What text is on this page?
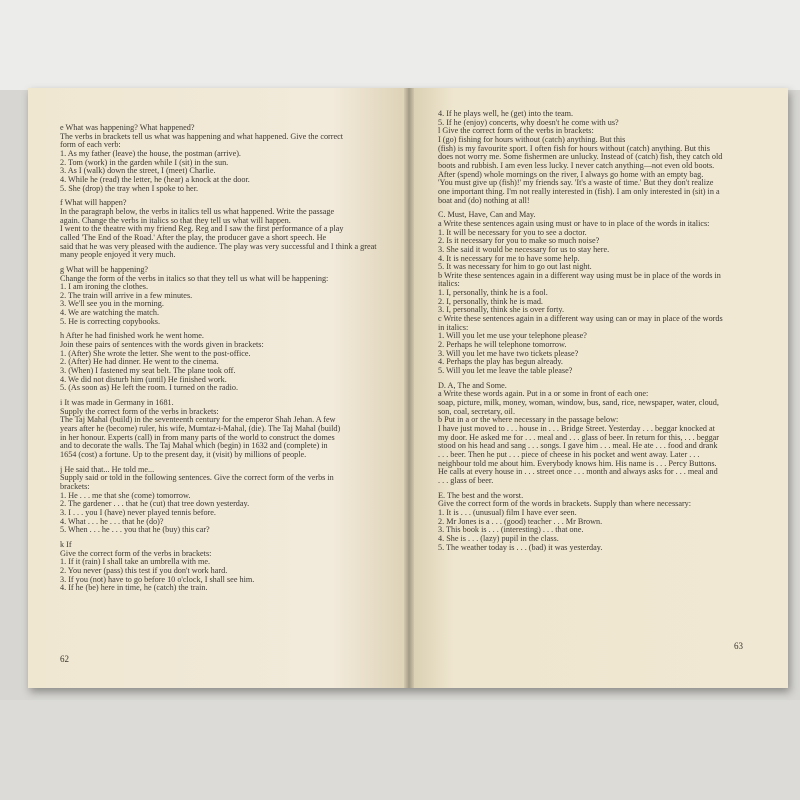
e What was happening? What happened?
The verbs in brackets tell us what was happening and what happened. Give the correct
form of each verb:
1. As my father (leave) the house, the postman (arrive).
2. Tom (work) in the garden while I (sit) in the sun.
3. As I (walk) down the street, I (meet) Charlie.
4. While he (read) the letter, he (hear) a knock at the door.
5. She (drop) the tray when I spoke to her.
f What will happen?
In the paragraph below, the verbs in italics tell us what happened. Write the passage
again. Change the verbs in italics so that they tell us what will happen.
I went to the theatre with my friend Reg. Reg and I saw the first performance of a play
called 'The End of the Road.' After the play, the producer gave a short speech. He
said that he was very pleased with the audience. The play was very successful and I think a great
many people enjoyed it very much.
g What will be happening?
Change the form of the verbs in italics so that they tell us what will be happening:
1. I am ironing the clothes.
2. The train will arrive in a few minutes.
3. We'll see you in the morning.
4. We are watching the match.
5. He is correcting copybooks.
h After he had finished work he went home.
Join these pairs of sentences with the words given in brackets:
1. (After) She wrote the letter. She went to the post-office.
2. (After) He had dinner. He went to the cinema.
3. (When) I fastened my seat belt. The plane took off.
4. We did not disturb him (until) He finished work.
5. (As soon as) He left the room. I turned on the radio.
i It was made in Germany in 1681.
Supply the correct form of the verbs in brackets:
The Taj Mahal (build) in the seventeenth century for the emperor Shah Jehan. A few
years after he (become) ruler, his wife, Mumtaz-i-Mahal, (die). The Taj Mahal (build)
in her honour. Experts (call) in from many parts of the world to construct the domes
and to decorate the walls. The Taj Mahal which (begin) in 1632 and (complete) in
1654 (cost) a fortune. Up to the present day, it (visit) by millions of people.
j He said that... He told me...
Supply said or told in the following sentences. Give the correct form of the verbs in
brackets:
1. He . . . me that she (come) tomorrow.
2. The gardener . . . that he (cut) that tree down yesterday.
3. I . . . you I (have) never played tennis before.
4. What . . . he . . . that he (do)?
5. When . . . he . . . you that he (buy) this car?
k If
Give the correct form of the verbs in brackets:
1. If it (rain) I shall take an umbrella with me.
2. You never (pass) this test if you don't work hard.
3. If you (not) have to go before 10 o'clock, I shall see him.
4. If he (be) here in time, he (catch) the train.
62
4. If he plays well, he (get) into the team.
5. If he (enjoy) concerts, why doesn't he come with us?
l Give the correct form of the verbs in brackets:
I (go) fishing for hours without (catch) anything. But this
(fish) is my favourite sport. I often fish for hours without (catch) anything. But this
does not worry me. Some fishermen are unlucky. Instead of (catch) fish, they catch old
boots and rubbish. I am even less lucky. I never catch anything—not even old boots.
After (spend) whole mornings on the river, I always go home with an empty bag.
'You must give up (fish)!' my friends say. 'It's a waste of time.' But they don't realize
one important thing. I'm not really interested in (fish). I am only interested in (sit) in a
boat and (do) nothing at all!
C. Must, Have, Can and May.
a Write these sentences again using must or have to in place of the words in italics:
1. It will be necessary for you to see a doctor.
2. Is it necessary for you to make so much noise?
3. She said it would be necessary for us to stay here.
4. It is necessary for me to have some help.
5. It was necessary for him to go out last night.
b Write these sentences again in a different way using must be in place of the words in
italics:
1. I, personally, think he is a fool.
2. I, personally, think he is mad.
3. I, personally, think she is over forty.
c Write these sentences again in a different way using can or may in place of the words
in italics:
1. Will you let me use your telephone please?
2. Perhaps he will telephone tomorrow.
3. Will you let me have two tickets please?
4. Perhaps the play has begun already.
5. Will you let me leave the table please?
D. A, The and Some.
a Write these words again. Put in a or some in front of each one:
soap, picture, milk, money, woman, window, bus, sand, rice, newspaper, water, cloud,
son, coal, secretary, oil.
b Put in a or the where necessary in the passage below:
I have just moved to . . . house in . . . Bridge Street. Yesterday . . . beggar knocked at
my door. He asked me for . . . meal and . . . glass of beer. In return for this, . . . beggar
stood on his head and sang . . . songs. I gave him . . . meal. He ate . . . food and drank
. . . beer. Then he put . . . piece of cheese in his pocket and went away. Later . . .
neighbour told me about him. Everybody knows him. His name is . . . Percy Buttons.
He calls at every house in . . . street once . . . month and always asks for . . . meal and
. . . glass of beer.
E. The best and the worst.
Give the correct form of the words in brackets. Supply than where necessary:
1. It is . . . (unusual) film I have ever seen.
2. Mr Jones is a . . . (good) teacher . . . Mr Brown.
3. This book is . . . (interesting) . . . that one.
4. She is . . . (lazy) pupil in the class.
5. The weather today is . . . (bad) it was yesterday.
63
